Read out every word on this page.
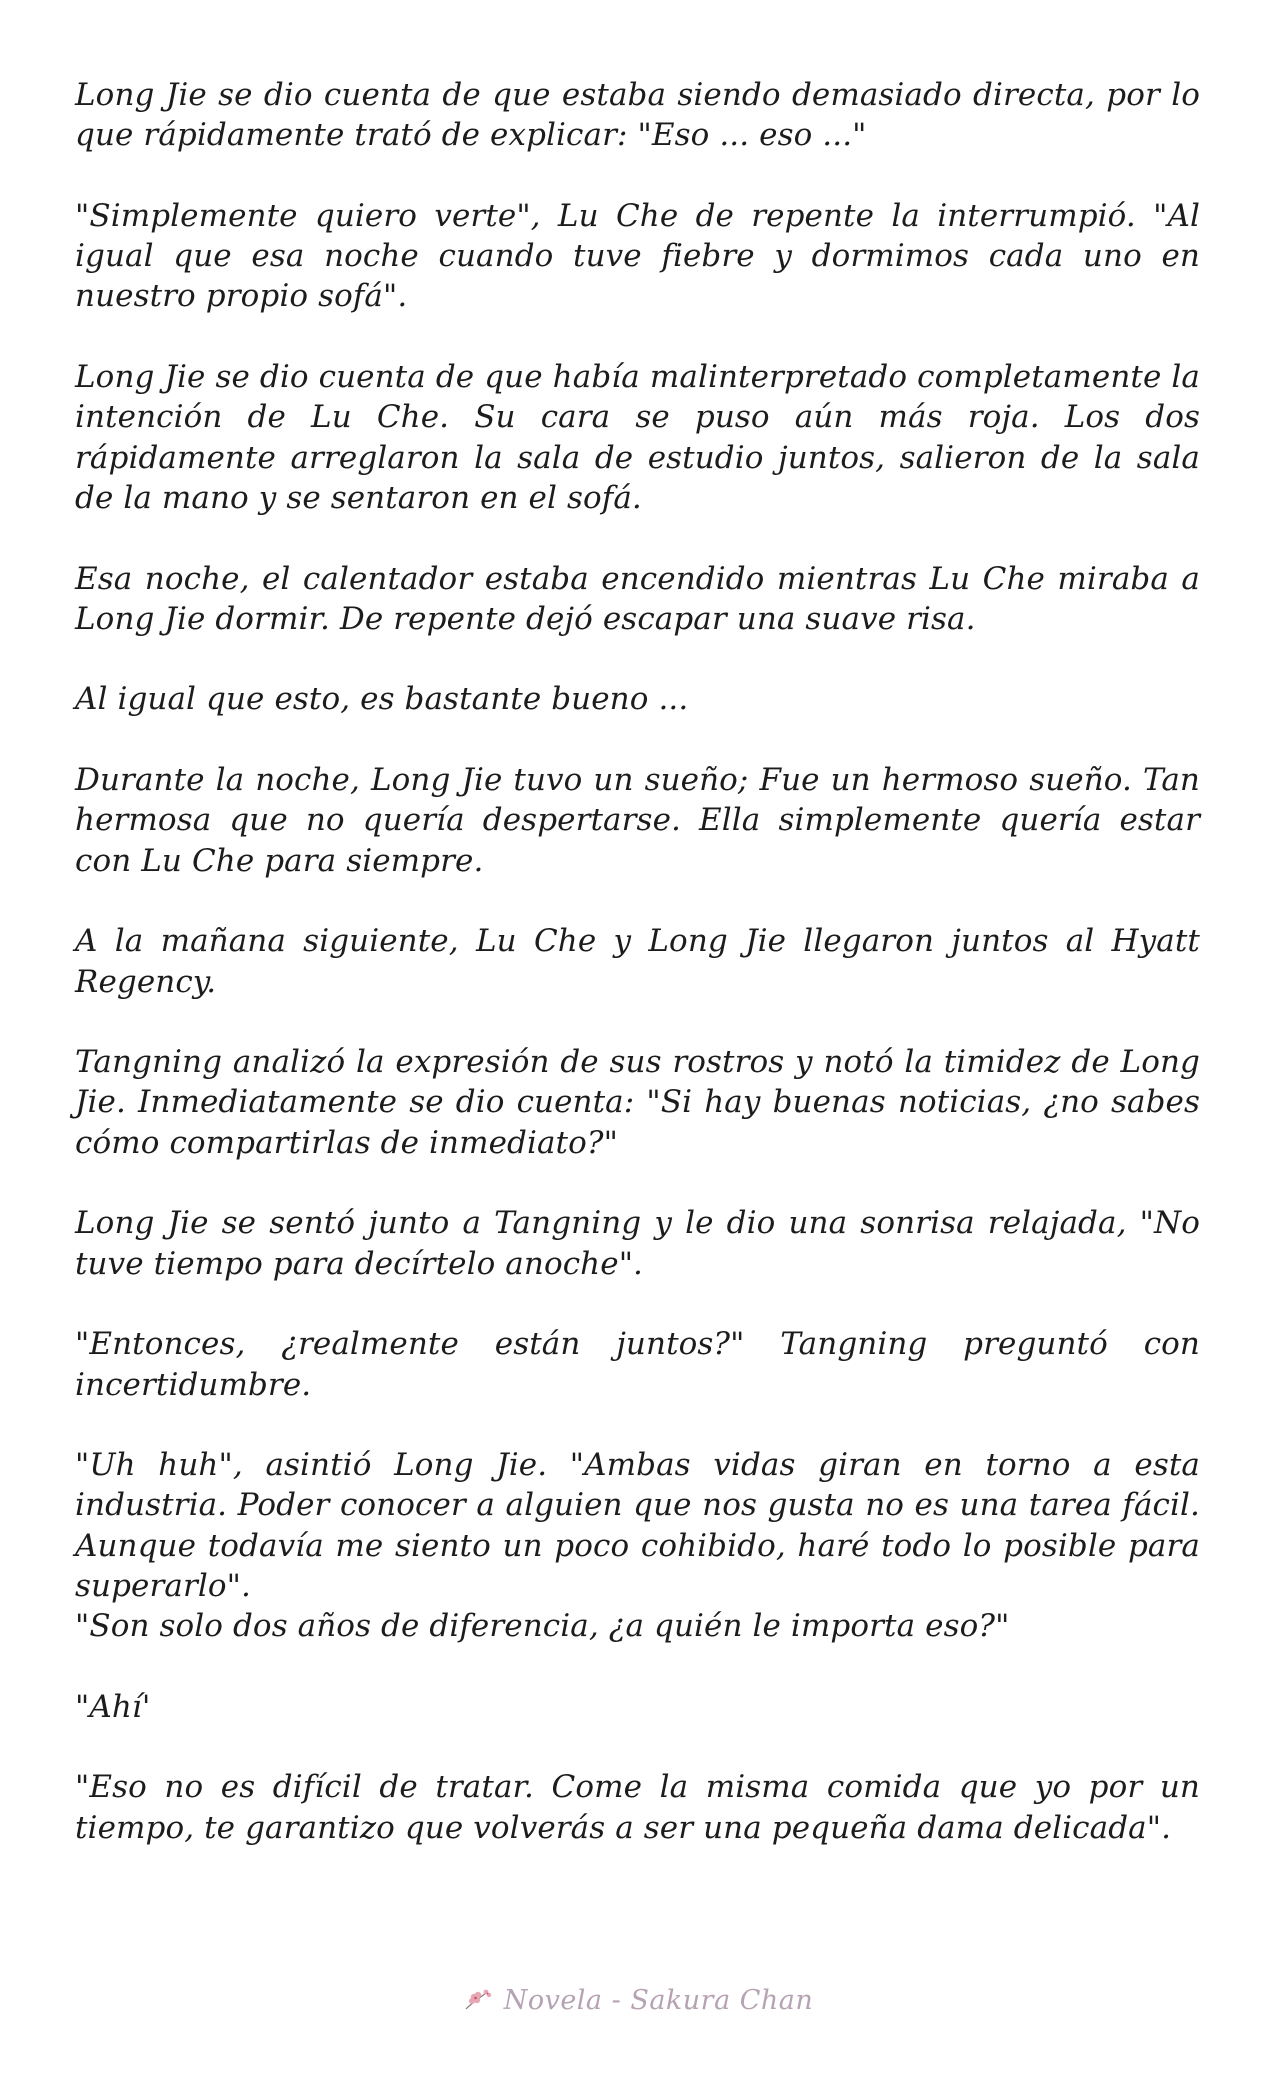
Long Jie se dio cuenta de que estaba siendo demasiado directa, por lo que rápidamente trató de explicar: "Eso ... eso ..."

"Simplemente quiero verte", Lu Che de repente la interrumpió. "Al igual que esa noche cuando tuve fiebre y dormimos cada uno en nuestro propio sofá".

Long Jie se dio cuenta de que había malinterpretado completamente la intención de Lu Che. Su cara se puso aún más roja. Los dos rápidamente arreglaron la sala de estudio juntos, salieron de la sala de la mano y se sentaron en el sofá.

Esa noche, el calentador estaba encendido mientras Lu Che miraba a Long Jie dormir. De repente dejó escapar una suave risa.

Al igual que esto, es bastante bueno ...

Durante la noche, Long Jie tuvo un sueño; Fue un hermoso sueño. Tan hermosa que no quería despertarse. Ella simplemente quería estar con Lu Che para siempre.

A la mañana siguiente, Lu Che y Long Jie llegaron juntos al Hyatt Regency.

Tangning analizó la expresión de sus rostros y notó la timidez de Long Jie. Inmediatamente se dio cuenta: "Si hay buenas noticias, ¿no sabes cómo compartirlas de inmediato?"

Long Jie se sentó junto a Tangning y le dio una sonrisa relajada, "No tuve tiempo para decírtelo anoche".

"Entonces, ¿realmente están juntos?" Tangning preguntó con incertidumbre.

"Uh huh", asintió Long Jie. "Ambas vidas giran en torno a esta industria. Poder conocer a alguien que nos gusta no es una tarea fácil. Aunque todavía me siento un poco cohibido, haré todo lo posible para superarlo".

"Son solo dos años de diferencia, ¿a quién le importa eso?"

"Ahí'

"Eso no es difícil de tratar. Come la misma comida que yo por un tiempo, te garantizo que volverás a ser una pequeña dama delicada".

Novela - Sakura Chan
